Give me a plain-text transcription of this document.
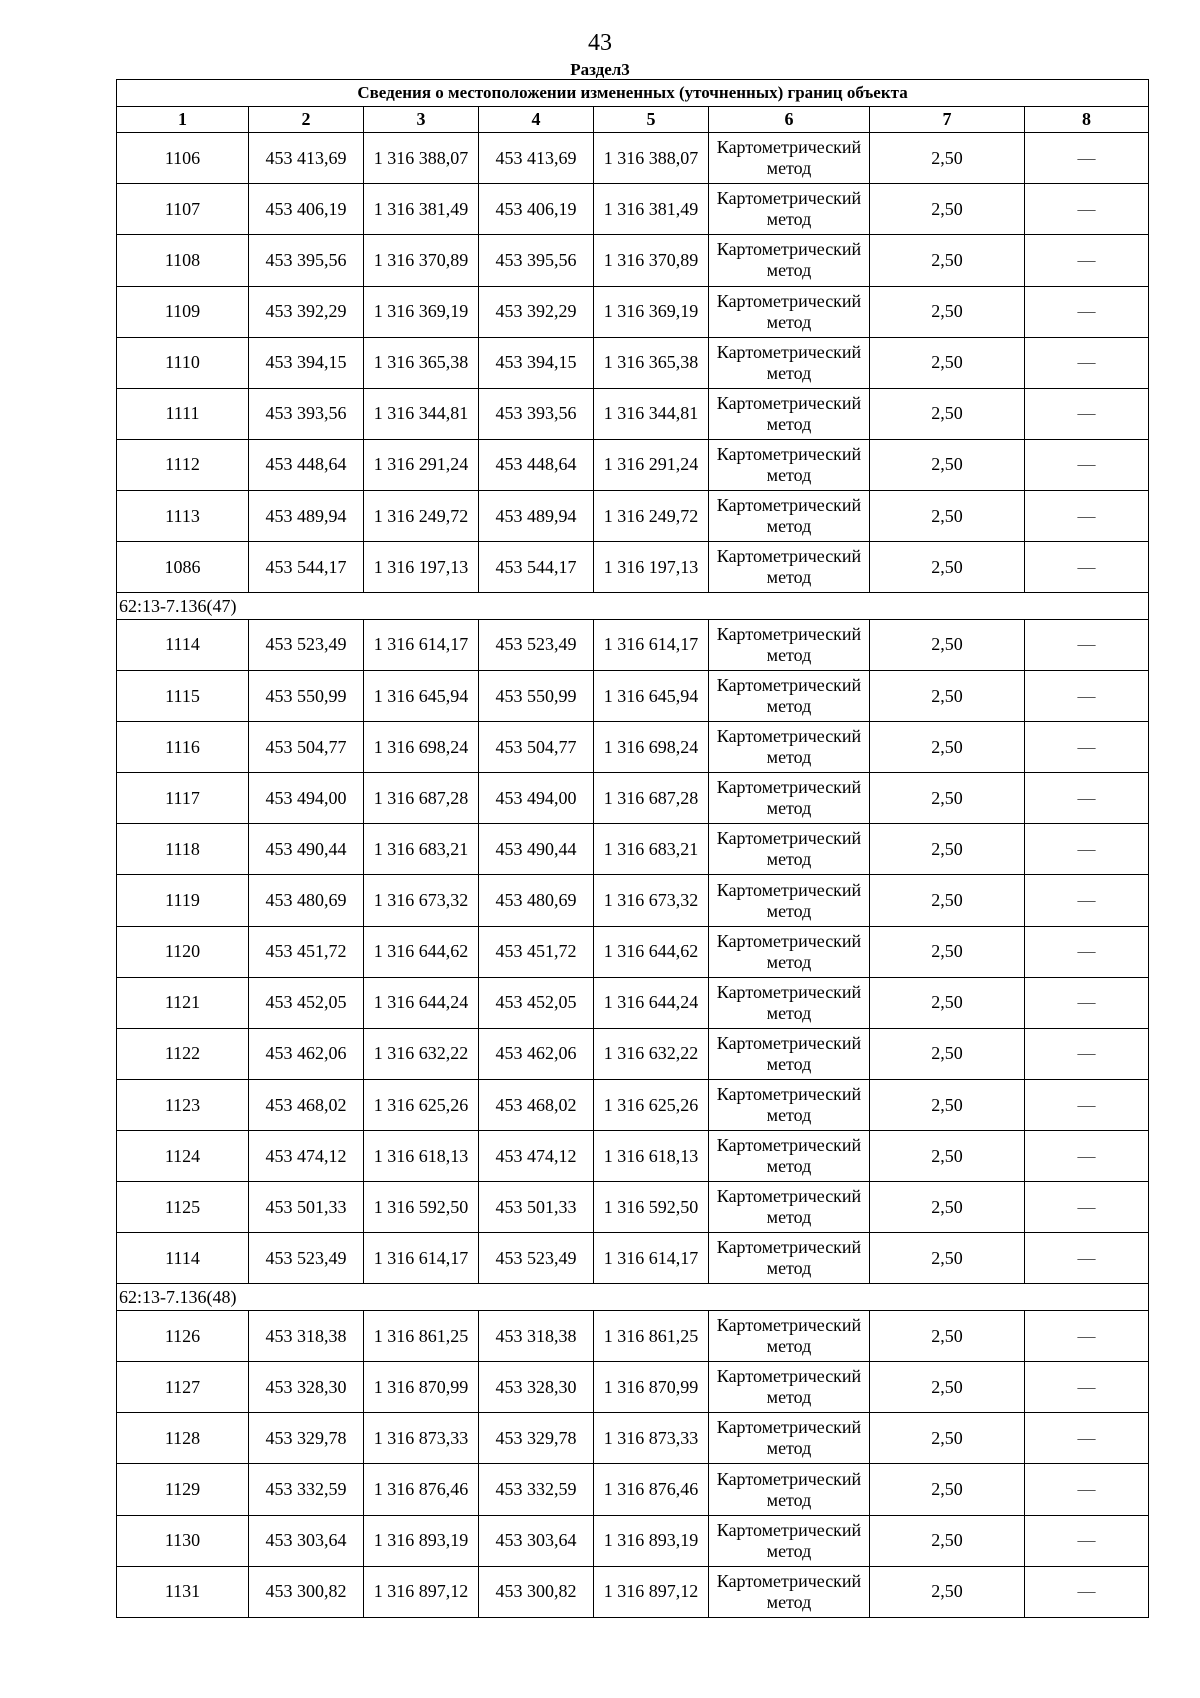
43
Раздел3
Сведения о местоположении измененных (уточненных) границ объекта							
1	2	3	4	5	6	7	8
1106	453 413,69	1 316 388,07	453 413,69	1 316 388,07	Картометрический метод	2,50	—
1107	453 406,19	1 316 381,49	453 406,19	1 316 381,49	Картометрический метод	2,50	—
1108	453 395,56	1 316 370,89	453 395,56	1 316 370,89	Картометрический метод	2,50	—
1109	453 392,29	1 316 369,19	453 392,29	1 316 369,19	Картометрический метод	2,50	—
1110	453 394,15	1 316 365,38	453 394,15	1 316 365,38	Картометрический метод	2,50	—
1111	453 393,56	1 316 344,81	453 393,56	1 316 344,81	Картометрический метод	2,50	—
1112	453 448,64	1 316 291,24	453 448,64	1 316 291,24	Картометрический метод	2,50	—
1113	453 489,94	1 316 249,72	453 489,94	1 316 249,72	Картометрический метод	2,50	—
1086	453 544,17	1 316 197,13	453 544,17	1 316 197,13	Картометрический метод	2,50	—
62:13-7.136(47)							
1114	453 523,49	1 316 614,17	453 523,49	1 316 614,17	Картометрический метод	2,50	—
1115	453 550,99	1 316 645,94	453 550,99	1 316 645,94	Картометрический метод	2,50	—
1116	453 504,77	1 316 698,24	453 504,77	1 316 698,24	Картометрический метод	2,50	—
1117	453 494,00	1 316 687,28	453 494,00	1 316 687,28	Картометрический метод	2,50	—
1118	453 490,44	1 316 683,21	453 490,44	1 316 683,21	Картометрический метод	2,50	—
1119	453 480,69	1 316 673,32	453 480,69	1 316 673,32	Картометрический метод	2,50	—
1120	453 451,72	1 316 644,62	453 451,72	1 316 644,62	Картометрический метод	2,50	—
1121	453 452,05	1 316 644,24	453 452,05	1 316 644,24	Картометрический метод	2,50	—
1122	453 462,06	1 316 632,22	453 462,06	1 316 632,22	Картометрический метод	2,50	—
1123	453 468,02	1 316 625,26	453 468,02	1 316 625,26	Картометрический метод	2,50	—
1124	453 474,12	1 316 618,13	453 474,12	1 316 618,13	Картометрический метод	2,50	—
1125	453 501,33	1 316 592,50	453 501,33	1 316 592,50	Картометрический метод	2,50	—
1114	453 523,49	1 316 614,17	453 523,49	1 316 614,17	Картометрический метод	2,50	—
62:13-7.136(48)							
1126	453 318,38	1 316 861,25	453 318,38	1 316 861,25	Картометрический метод	2,50	—
1127	453 328,30	1 316 870,99	453 328,30	1 316 870,99	Картометрический метод	2,50	—
1128	453 329,78	1 316 873,33	453 329,78	1 316 873,33	Картометрический метод	2,50	—
1129	453 332,59	1 316 876,46	453 332,59	1 316 876,46	Картометрический метод	2,50	—
1130	453 303,64	1 316 893,19	453 303,64	1 316 893,19	Картометрический метод	2,50	—
1131	453 300,82	1 316 897,12	453 300,82	1 316 897,12	Картометрический метод	2,50	—
